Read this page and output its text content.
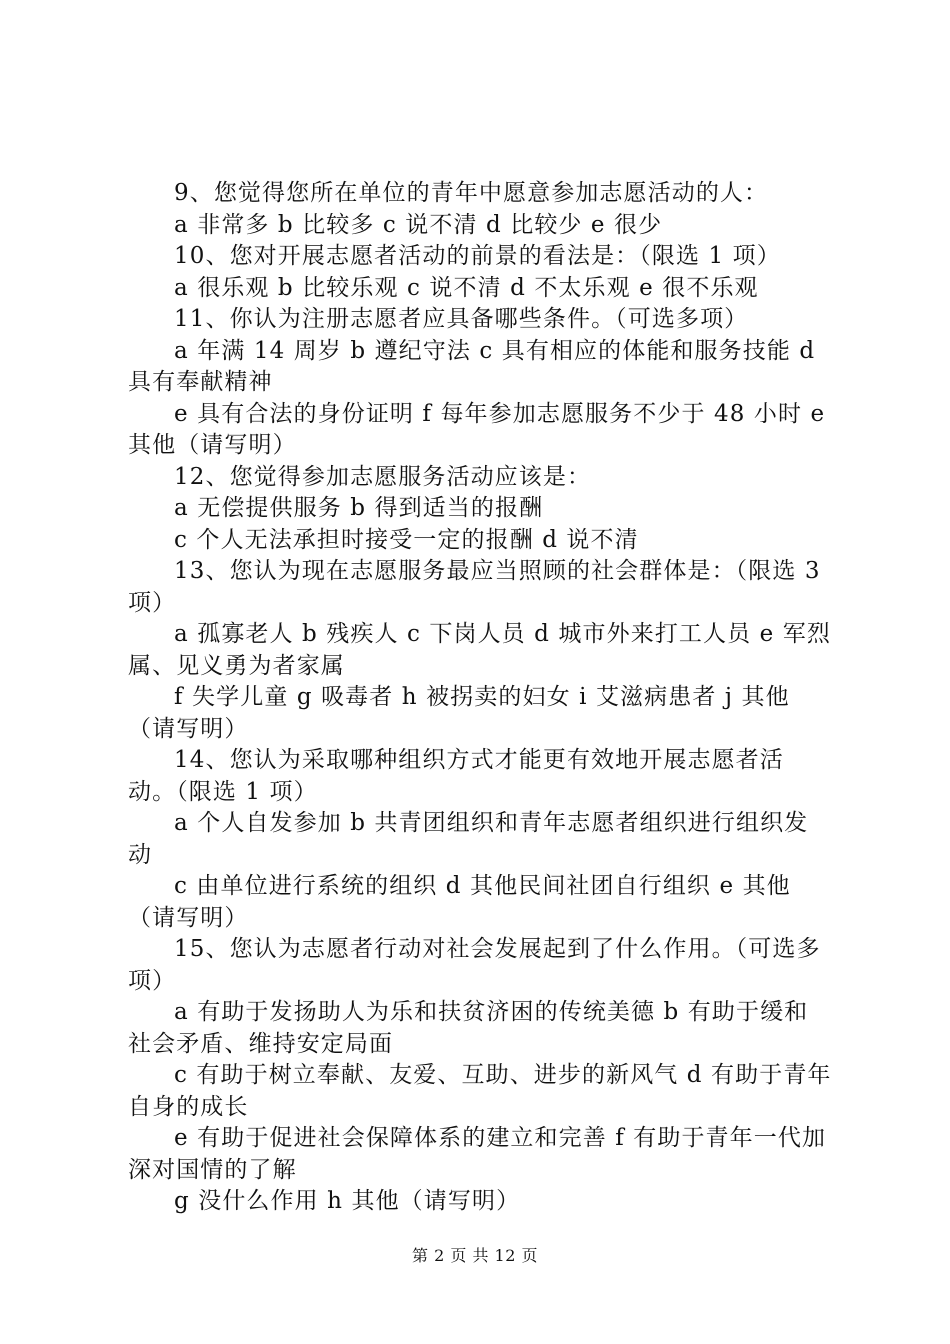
9、您觉得您所在单位的青年中愿意参加志愿活动的人：

a 非常多 b 比较多 c 说不清 d 比较少 e 很少

10、您对开展志愿者活动的前景的看法是：（限选 1 项）

a 很乐观 b 比较乐观 c 说不清 d 不太乐观 e 很不乐观

11、你认为注册志愿者应具备哪些条件。（可选多项）

a 年满 14 周岁 b 遵纪守法 c 具有相应的体能和服务技能 d 具有奉献精神

e 具有合法的身份证明 f 每年参加志愿服务不少于 48 小时 e 其他（请写明）

12、您觉得参加志愿服务活动应该是：

a 无偿提供服务 b 得到适当的报酬

c 个人无法承担时接受一定的报酬 d 说不清

13、您认为现在志愿服务最应当照顾的社会群体是：（限选 3 项）

a 孤寡老人 b 残疾人 c 下岗人员 d 城市外来打工人员 e 军烈属、见义勇为者家属

f 失学儿童 g 吸毒者 h 被拐卖的妇女 i 艾滋病患者 j 其他（请写明）

14、您认为采取哪种组织方式才能更有效地开展志愿者活动。（限选 1 项）

a 个人自发参加 b 共青团组织和青年志愿者组织进行组织发动

c 由单位进行系统的组织 d 其他民间社团自行组织 e 其他（请写明）

15、您认为志愿者行动对社会发展起到了什么作用。（可选多项）

a 有助于发扬助人为乐和扶贫济困的传统美德 b 有助于缓和社会矛盾、维持安定局面

c 有助于树立奉献、友爱、互助、进步的新风气 d 有助于青年自身的成长

e 有助于促进社会保障体系的建立和完善 f 有助于青年一代加深对国情的了解

g 没什么作用 h 其他（请写明）

第 2 页 共 12 页
